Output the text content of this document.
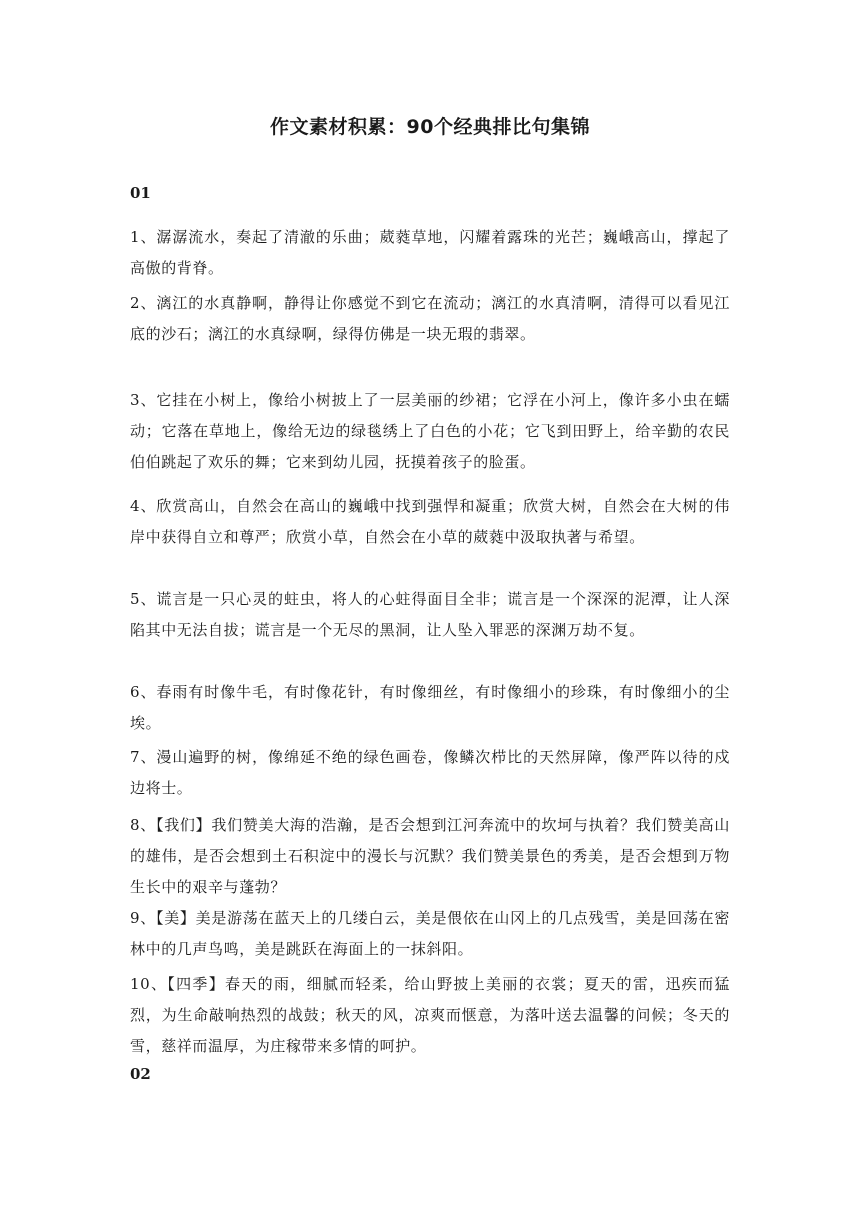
作文素材积累：90个经典排比句集锦
01

1、潺潺流水，奏起了清澈的乐曲；葳蕤草地，闪耀着露珠的光芒；巍峨高山，撑起了高傲的背脊。

2、漓江的水真静啊，静得让你感觉不到它在流动；漓江的水真清啊，清得可以看见江底的沙石；漓江的水真绿啊，绿得仿佛是一块无瑕的翡翠。

3、它挂在小树上，像给小树披上了一层美丽的纱裙；它浮在小河上，像许多小虫在蠕动；它落在草地上，像给无边的绿毯绣上了白色的小花；它飞到田野上，给辛勤的农民伯伯跳起了欢乐的舞；它来到幼儿园，抚摸着孩子的脸蛋。

4、欣赏高山，自然会在高山的巍峨中找到强悍和凝重；欣赏大树，自然会在大树的伟岸中获得自立和尊严；欣赏小草，自然会在小草的葳蕤中汲取执著与希望。

5、谎言是一只心灵的蛀虫，将人的心蛀得面目全非；谎言是一个深深的泥潭，让人深陷其中无法自拔；谎言是一个无尽的黑洞，让人坠入罪恶的深渊万劫不复。

6、春雨有时像牛毛，有时像花针，有时像细丝，有时像细小的珍珠，有时像细小的尘埃。

7、漫山遍野的树，像绵延不绝的绿色画卷，像鳞次栉比的天然屏障，像严阵以待的戍边将士。

8、【我们】我们赞美大海的浩瀚，是否会想到江河奔流中的坎坷与执着？我们赞美高山的雄伟，是否会想到土石积淀中的漫长与沉默？我们赞美景色的秀美，是否会想到万物生长中的艰辛与蓬勃？

9、【美】美是游荡在蓝天上的几缕白云，美是偎依在山冈上的几点残雪，美是回荡在密林中的几声鸟鸣，美是跳跃在海面上的一抹斜阳。

10、【四季】春天的雨，细腻而轻柔，给山野披上美丽的衣裳；夏天的雷，迅疾而猛烈，为生命敲响热烈的战鼓；秋天的风，凉爽而惬意，为落叶送去温馨的问候；冬天的雪，慈祥而温厚，为庄稼带来多情的呵护。

02
